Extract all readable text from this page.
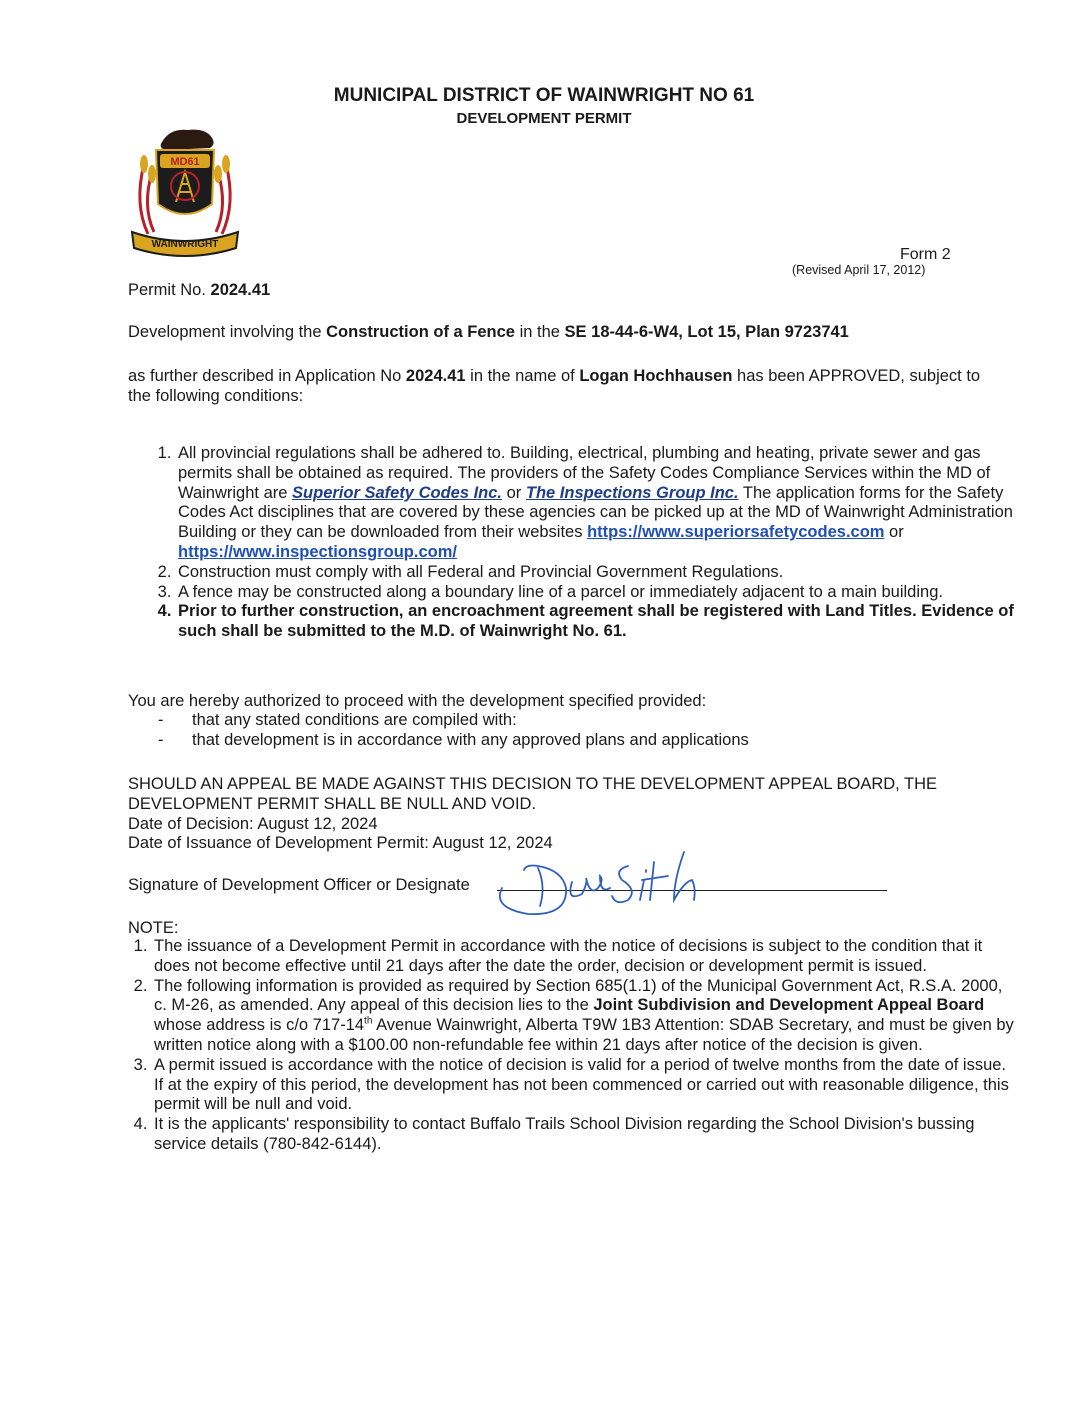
MUNICIPAL DISTRICT OF WAINWRIGHT NO 61
DEVELOPMENT PERMIT
MD61
WAINWRIGHT
Form 2
(Revised April 17, 2012)
Permit No. 2024.41
Development involving the Construction of a Fence in the SE 18-44-6-W4, Lot 15, Plan 9723741
as further described in Application No 2024.41 in the name of Logan Hochhausen has been APPROVED, subject to the following conditions:
1. All provincial regulations shall be adhered to. Building, electrical, plumbing and heating, private sewer and gas permits shall be obtained as required. The providers of the Safety Codes Compliance Services within the MD of Wainwright are Superior Safety Codes Inc. or The Inspections Group Inc. The application forms for the Safety Codes Act disciplines that are covered by these agencies can be picked up at the MD of Wainwright Administration Building or they can be downloaded from their websites https://www.superiorsafetycodes.com or https://www.inspectionsgroup.com/
2. Construction must comply with all Federal and Provincial Government Regulations.
3. A fence may be constructed along a boundary line of a parcel or immediately adjacent to a main building.
4. Prior to further construction, an encroachment agreement shall be registered with Land Titles. Evidence of such shall be submitted to the M.D. of Wainwright No. 61.
You are hereby authorized to proceed with the development specified provided:
- that any stated conditions are compiled with:
- that development is in accordance with any approved plans and applications
SHOULD AN APPEAL BE MADE AGAINST THIS DECISION TO THE DEVELOPMENT APPEAL BOARD, THE DEVELOPMENT PERMIT SHALL BE NULL AND VOID.
Date of Decision: August 12, 2024
Date of Issuance of Development Permit: August 12, 2024
Signature of Development Officer or Designate
NOTE:
1. The issuance of a Development Permit in accordance with the notice of decisions is subject to the condition that it does not become effective until 21 days after the date the order, decision or development permit is issued.
2. The following information is provided as required by Section 685(1.1) of the Municipal Government Act, R.S.A. 2000, c. M-26, as amended. Any appeal of this decision lies to the Joint Subdivision and Development Appeal Board whose address is c/o 717-14th Avenue Wainwright, Alberta T9W 1B3 Attention: SDAB Secretary, and must be given by written notice along with a $100.00 non-refundable fee within 21 days after notice of the decision is given.
3. A permit issued is accordance with the notice of decision is valid for a period of twelve months from the date of issue. If at the expiry of this period, the development has not been commenced or carried out with reasonable diligence, this permit will be null and void.
4. It is the applicants' responsibility to contact Buffalo Trails School Division regarding the School Division's bussing service details (780-842-6144).
